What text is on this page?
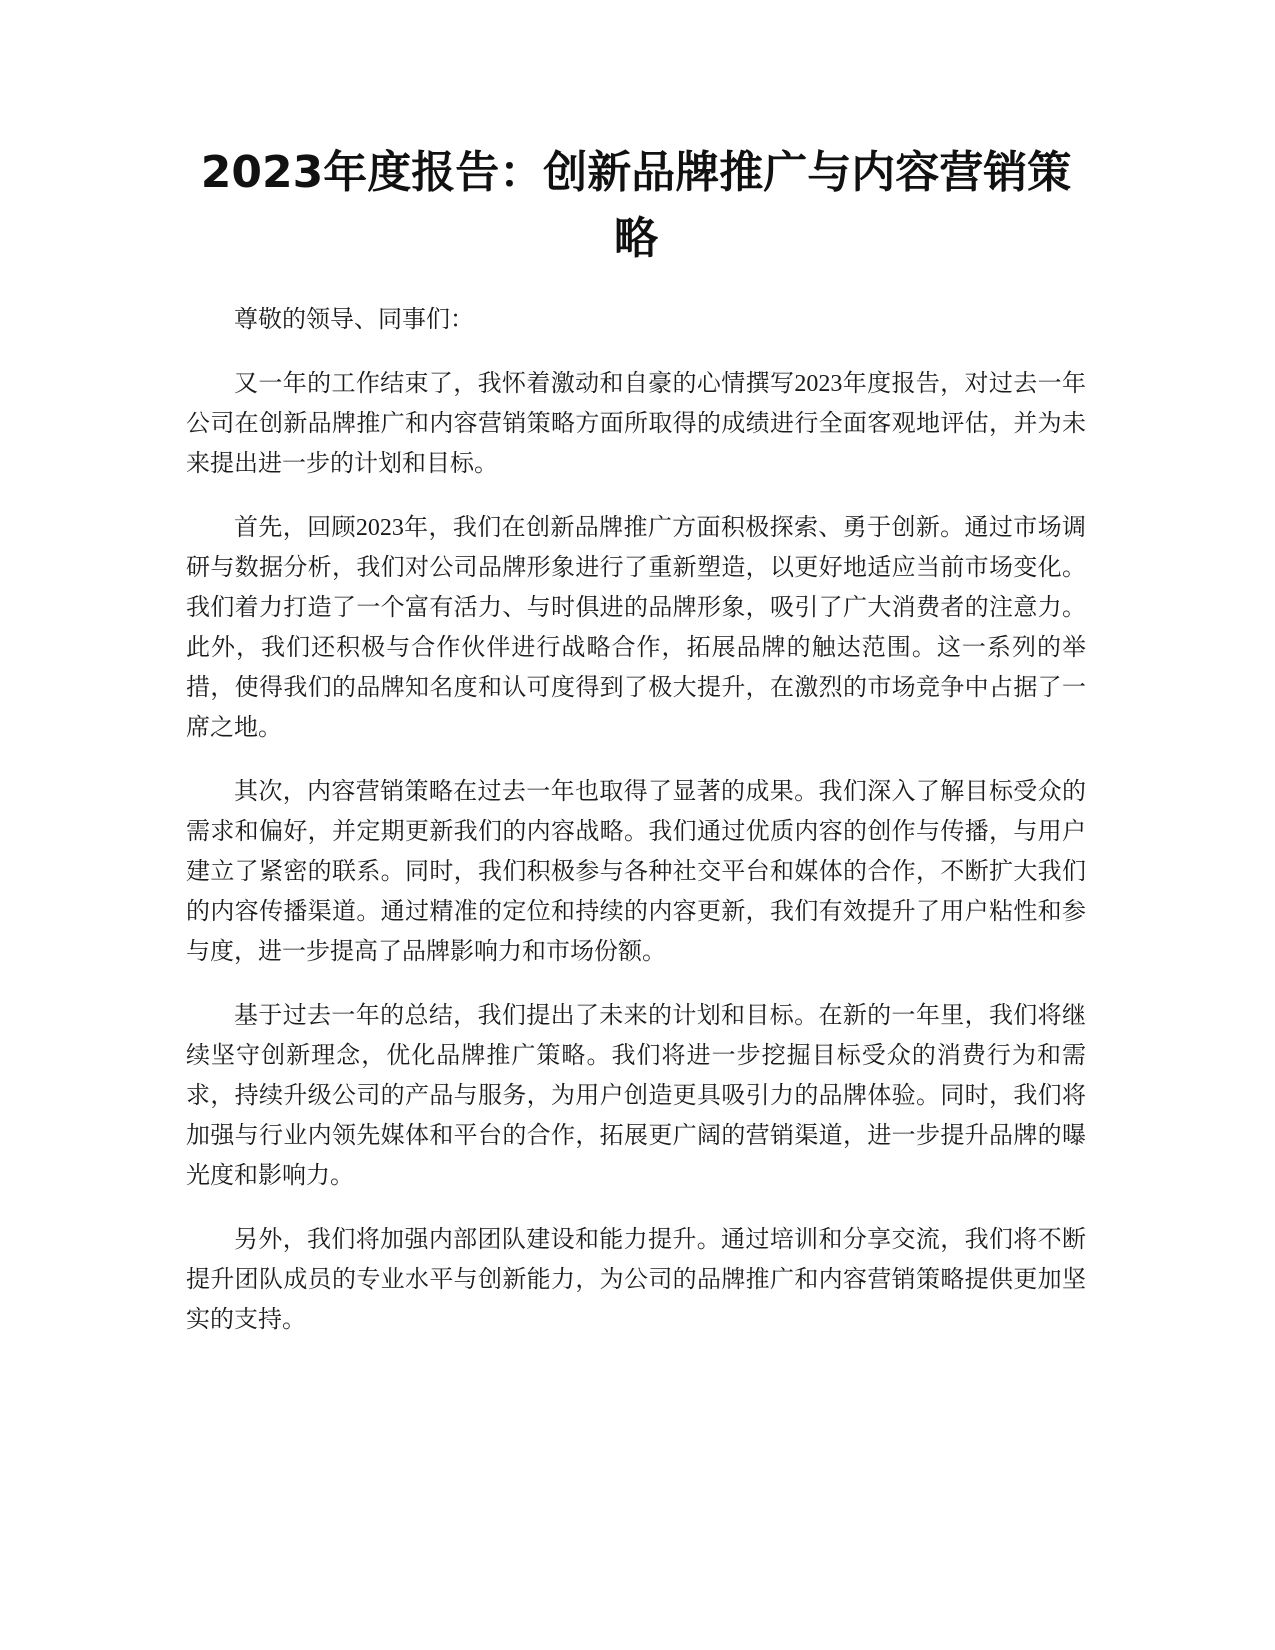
2023年度报告：创新品牌推广与内容营销策略

尊敬的领导、同事们：

又一年的工作结束了，我怀着激动和自豪的心情撰写2023年度报告，对过去一年公司在创新品牌推广和内容营销策略方面所取得的成绩进行全面客观地评估，并为未来提出进一步的计划和目标。

首先，回顾2023年，我们在创新品牌推广方面积极探索、勇于创新。通过市场调研与数据分析，我们对公司品牌形象进行了重新塑造，以更好地适应当前市场变化。我们着力打造了一个富有活力、与时俱进的品牌形象，吸引了广大消费者的注意力。此外，我们还积极与合作伙伴进行战略合作，拓展品牌的触达范围。这一系列的举措，使得我们的品牌知名度和认可度得到了极大提升，在激烈的市场竞争中占据了一席之地。

其次，内容营销策略在过去一年也取得了显著的成果。我们深入了解目标受众的需求和偏好，并定期更新我们的内容战略。我们通过优质内容的创作与传播，与用户建立了紧密的联系。同时，我们积极参与各种社交平台和媒体的合作，不断扩大我们的内容传播渠道。通过精准的定位和持续的内容更新，我们有效提升了用户粘性和参与度，进一步提高了品牌影响力和市场份额。

基于过去一年的总结，我们提出了未来的计划和目标。在新的一年里，我们将继续坚守创新理念，优化品牌推广策略。我们将进一步挖掘目标受众的消费行为和需求，持续升级公司的产品与服务，为用户创造更具吸引力的品牌体验。同时，我们将加强与行业内领先媒体和平台的合作，拓展更广阔的营销渠道，进一步提升品牌的曝光度和影响力。

另外，我们将加强内部团队建设和能力提升。通过培训和分享交流，我们将不断提升团队成员的专业水平与创新能力，为公司的品牌推广和内容营销策略提供更加坚实的支持。
